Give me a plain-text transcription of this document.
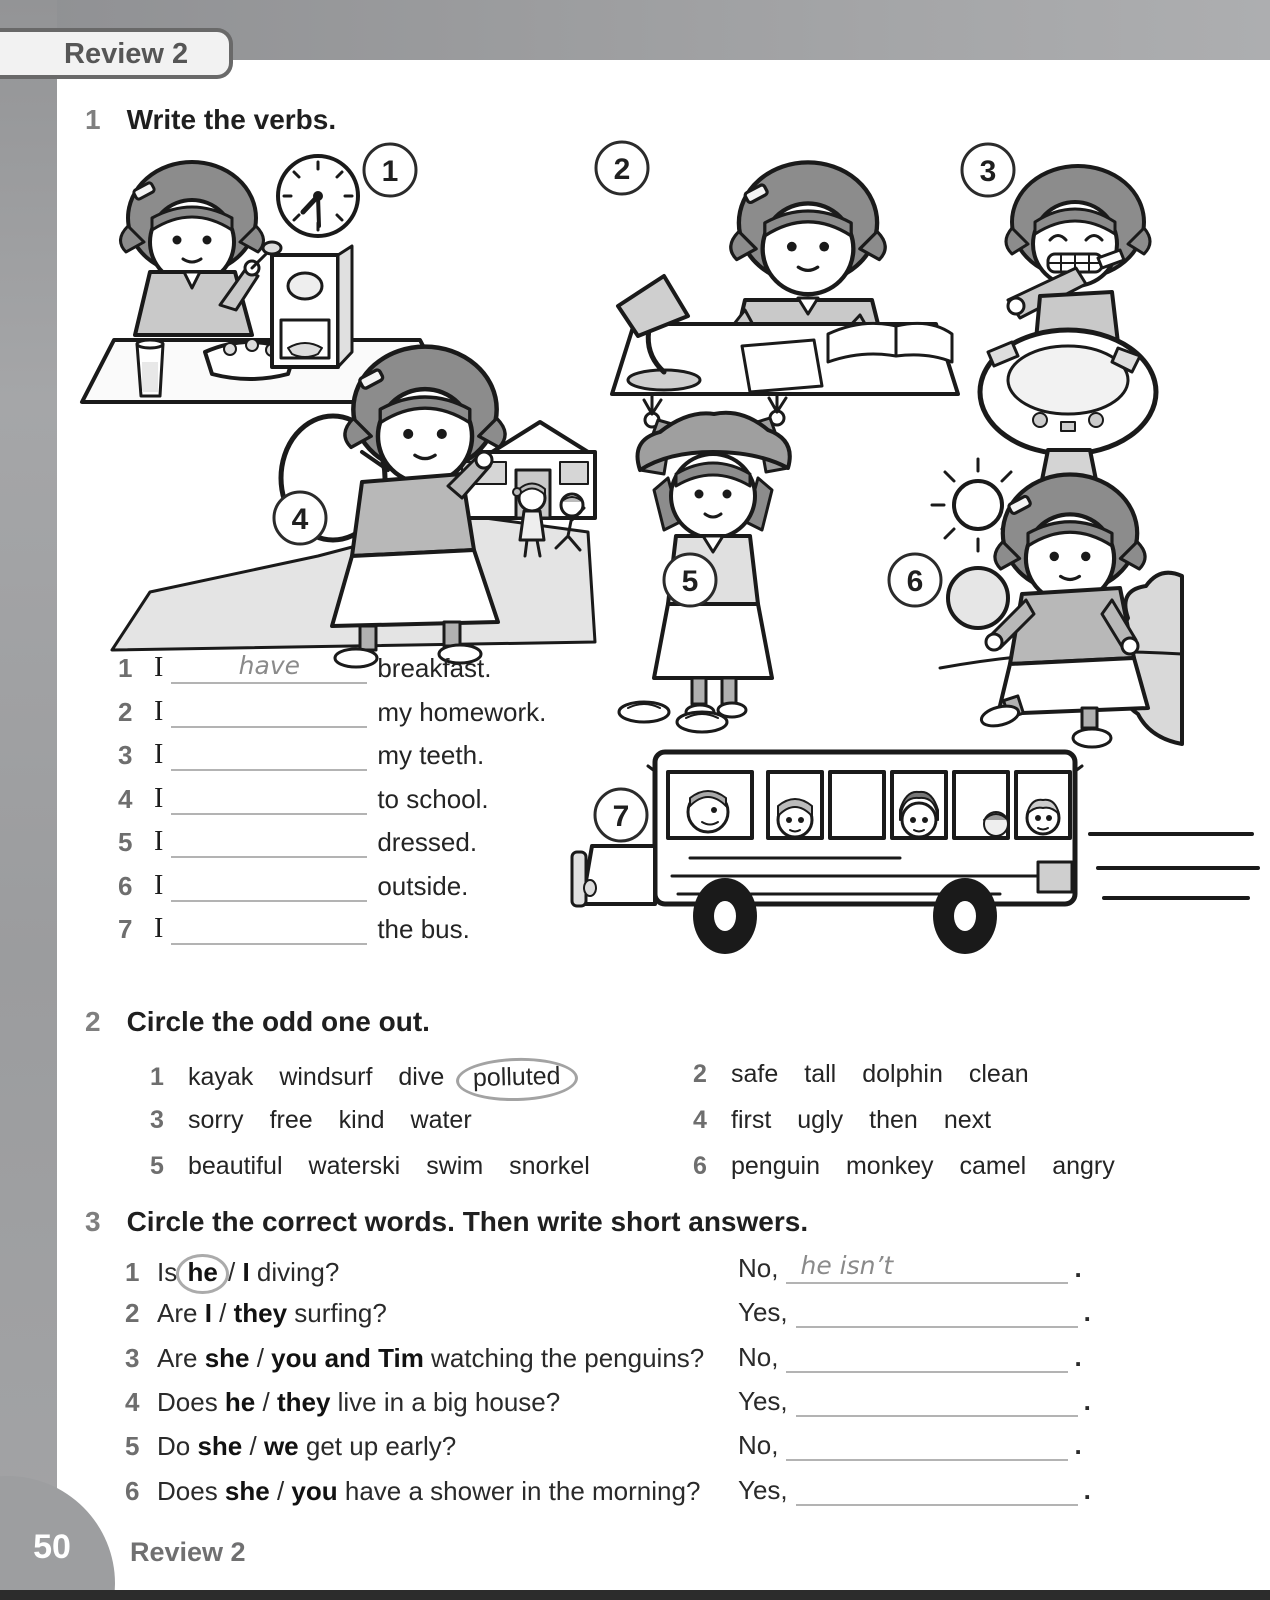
Review 2
1 Write the verbs.
2 Circle the odd one out.
3 Circle the correct words. Then write short answers.
1	2	3
4
5	6
7
1 I	have	breakfast.
2 I	my homework.
3 I	my teeth.
4 I	to school.
5 I	dressed.
6 I	outside.
7 I	the bus.
1 kayak windsurf dive	polluted	2 safe tall dolphin clean
3 sorry free kind water	4 first ugly then next
5 beautiful waterski swim snorkel	6 penguin monkey camel angry
1 Is he / I diving?	No, he isn’t	.
2 Are I / they surfing?	Yes,	.
3 Are she / you and Tim watching the penguins? No,	.
4 Does he / they live in a big house?	Yes,	.
5 Do she / we get up early?	No,	.
6 Does she / you have a shower in the morning? Yes,	.
50	Review 2
